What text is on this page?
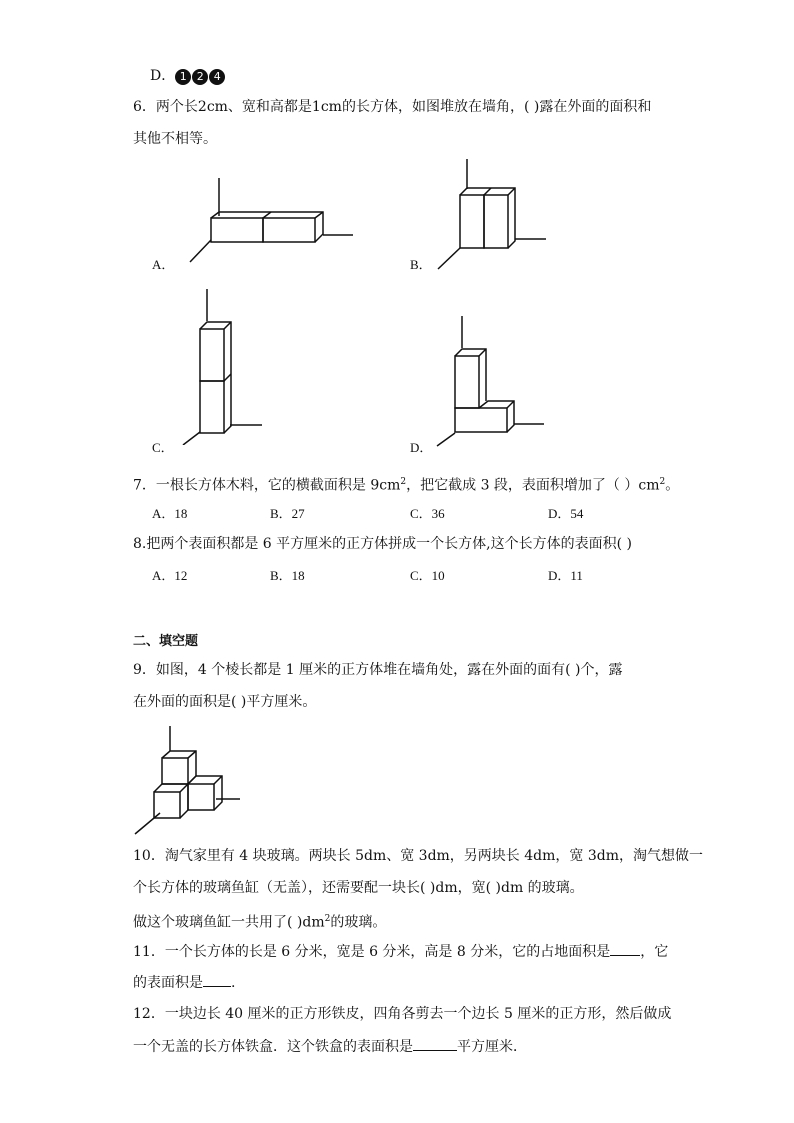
D． 1 2 4
6．两个长2cm、宽和高都是1cm的长方体，如图堆放在墙角，( )露在外面的面积和
其他不相等。
A．	B．
C．	D．
7．一根长方体木料，它的横截面积是 $9cm^2$，把它截成 3 段，表面积增加了（ ）$cm^2$。
A．18	B．27	C．36	D．54
8.把两个表面积都是 6 平方厘米的正方体拼成一个长方体,这个长方体的表面积( )
A．12	B．18	C．10	D．11
二、填空题
9．如图，4 个棱长都是 1 厘米的正方体堆在墙角处，露在外面的面有( )个，露
在外面的面积是( )平方厘米。
10．淘气家里有 4 块玻璃。两块长 5dm、宽 3dm，另两块长 4dm，宽 3dm，淘气想做一
个长方体的玻璃鱼缸（无盖），还需要配一块长( )dm，宽( )dm 的玻璃。
做这个玻璃鱼缸一共用了( )$dm^2$的玻璃。
11．一个长方体的长是 6 分米，宽是 6 分米，高是 8 分米，它的占地面积是 ，它
的表面积是 .
12．一块边长 40 厘米的正方形铁皮，四角各剪去一个边长 5 厘米的正方形，然后做成
一个无盖的长方体铁盒．这个铁盒的表面积是	平方厘米．
